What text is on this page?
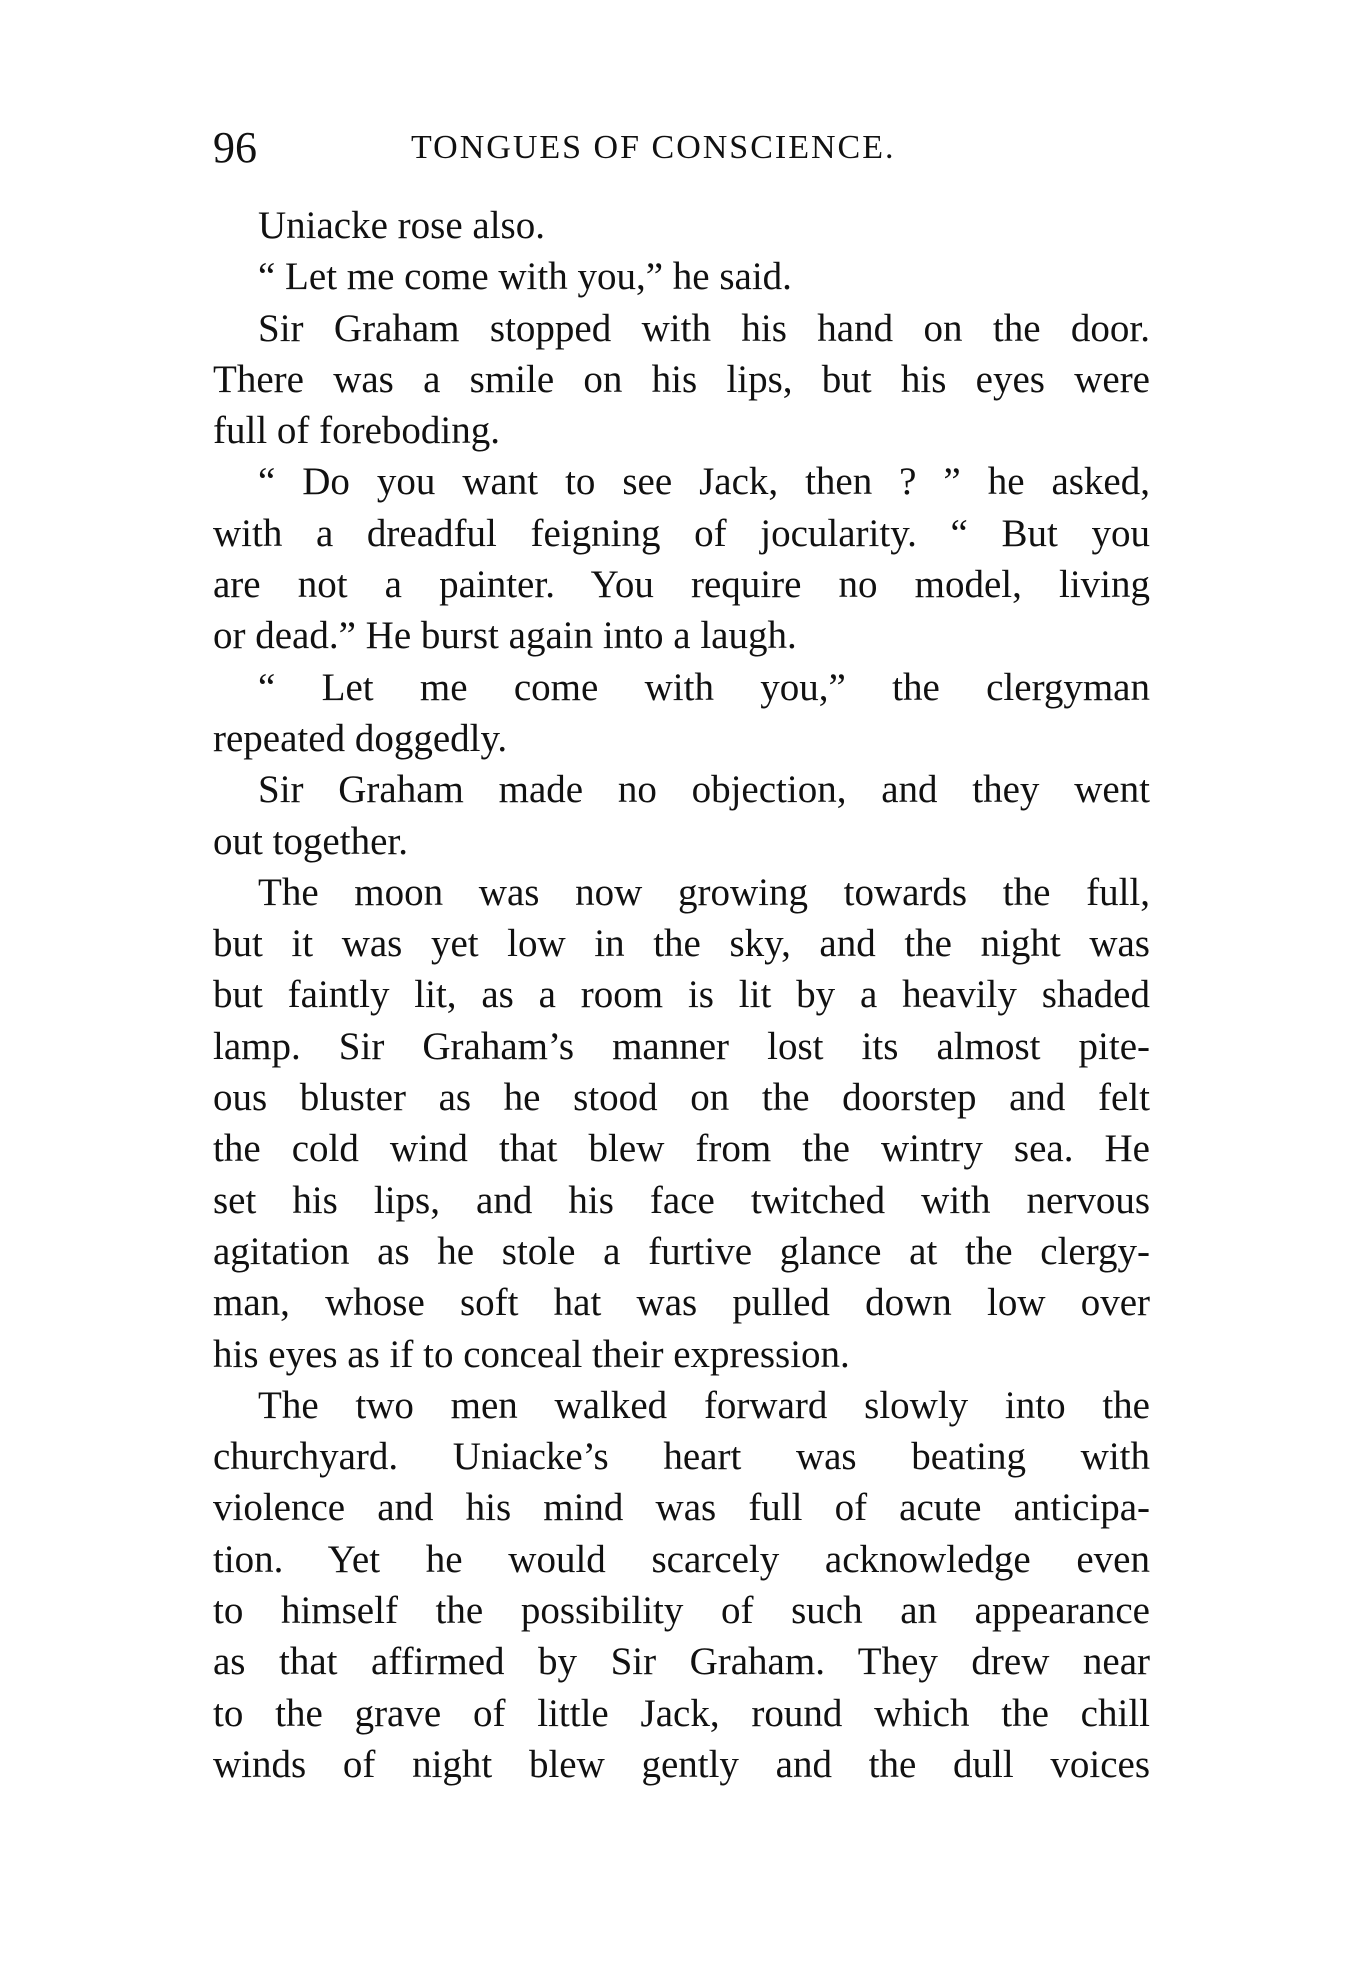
96	TONGUES OF CONSCIENCE.
Uniacke rose also.
“ Let me come with you,” he said.
Sir Graham stopped with his hand on the door.
There was a smile on his lips, but his eyes were
full of foreboding.
“ Do you want to see Jack, then ? ” he asked,
with a dreadful feigning of jocularity. “ But you
are not a painter. You require no model, living
or dead.” He burst again into a laugh.
“ Let me come with you,” the clergyman
repeated doggedly.
Sir Graham made no objection, and they went
out together.
The moon was now growing towards the full,
but it was yet low in the sky, and the night was
but faintly lit, as a room is lit by a heavily shaded
lamp. Sir Graham’s manner lost its almost pite-
ous bluster as he stood on the doorstep and felt
the cold wind that blew from the wintry sea. He
set his lips, and his face twitched with nervous
agitation as he stole a furtive glance at the clergy-
man, whose soft hat was pulled down low over
his eyes as if to conceal their expression.
The two men walked forward slowly into the
churchyard. Uniacke’s heart was beating with
violence and his mind was full of acute anticipa-
tion. Yet he would scarcely acknowledge even
to himself the possibility of such an appearance
as that affirmed by Sir Graham. They drew near
to the grave of little Jack, round which the chill
winds of night blew gently and the dull voices
